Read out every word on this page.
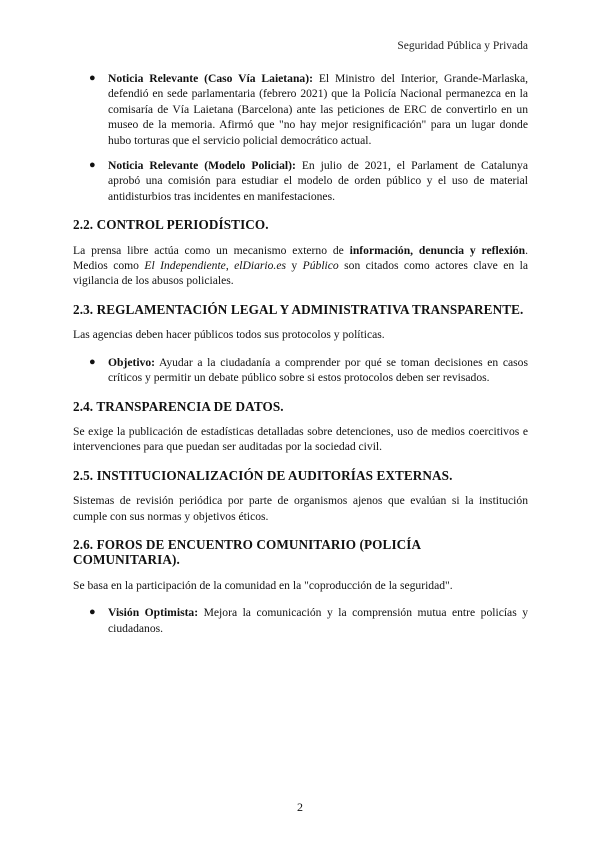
Seguridad Pública y Privada
● Noticia Relevante (Caso Vía Laietana): El Ministro del Interior, Grande-Marlaska, defendió en sede parlamentaria (febrero 2021) que la Policía Nacional permanezca en la comisaría de Vía Laietana (Barcelona) ante las peticiones de ERC de convertirlo en un museo de la memoria. Afirmó que "no hay mejor resignificación" para un lugar donde hubo torturas que el servicio policial democrático actual.
● Noticia Relevante (Modelo Policial): En julio de 2021, el Parlament de Catalunya aprobó una comisión para estudiar el modelo de orden público y el uso de material antidisturbios tras incidentes en manifestaciones.
2.2. CONTROL PERIODÍSTICO.

La prensa libre actúa como un mecanismo externo de información, denuncia y reflexión. Medios como El Independiente, elDiario.es y Público son citados como actores clave en la vigilancia de los abusos policiales.

2.3. REGLAMENTACIÓN LEGAL Y ADMINISTRATIVA TRANSPARENTE.

Las agencias deben hacer públicos todos sus protocolos y políticas.

● Objetivo: Ayudar a la ciudadanía a comprender por qué se toman decisiones en casos críticos y permitir un debate público sobre si estos protocolos deben ser revisados.
2.4. TRANSPARENCIA DE DATOS.

Se exige la publicación de estadísticas detalladas sobre detenciones, uso de medios coercitivos e intervenciones para que puedan ser auditadas por la sociedad civil.

2.5. INSTITUCIONALIZACIÓN DE AUDITORÍAS EXTERNAS.

Sistemas de revisión periódica por parte de organismos ajenos que evalúan si la institución cumple con sus normas y objetivos éticos.

2.6. FOROS DE ENCUENTRO COMUNITARIO (POLICÍA COMUNITARIA).

Se basa en la participación de la comunidad en la "coproducción de la seguridad".

● Visión Optimista: Mejora la comunicación y la comprensión mutua entre policías y ciudadanos.
2
